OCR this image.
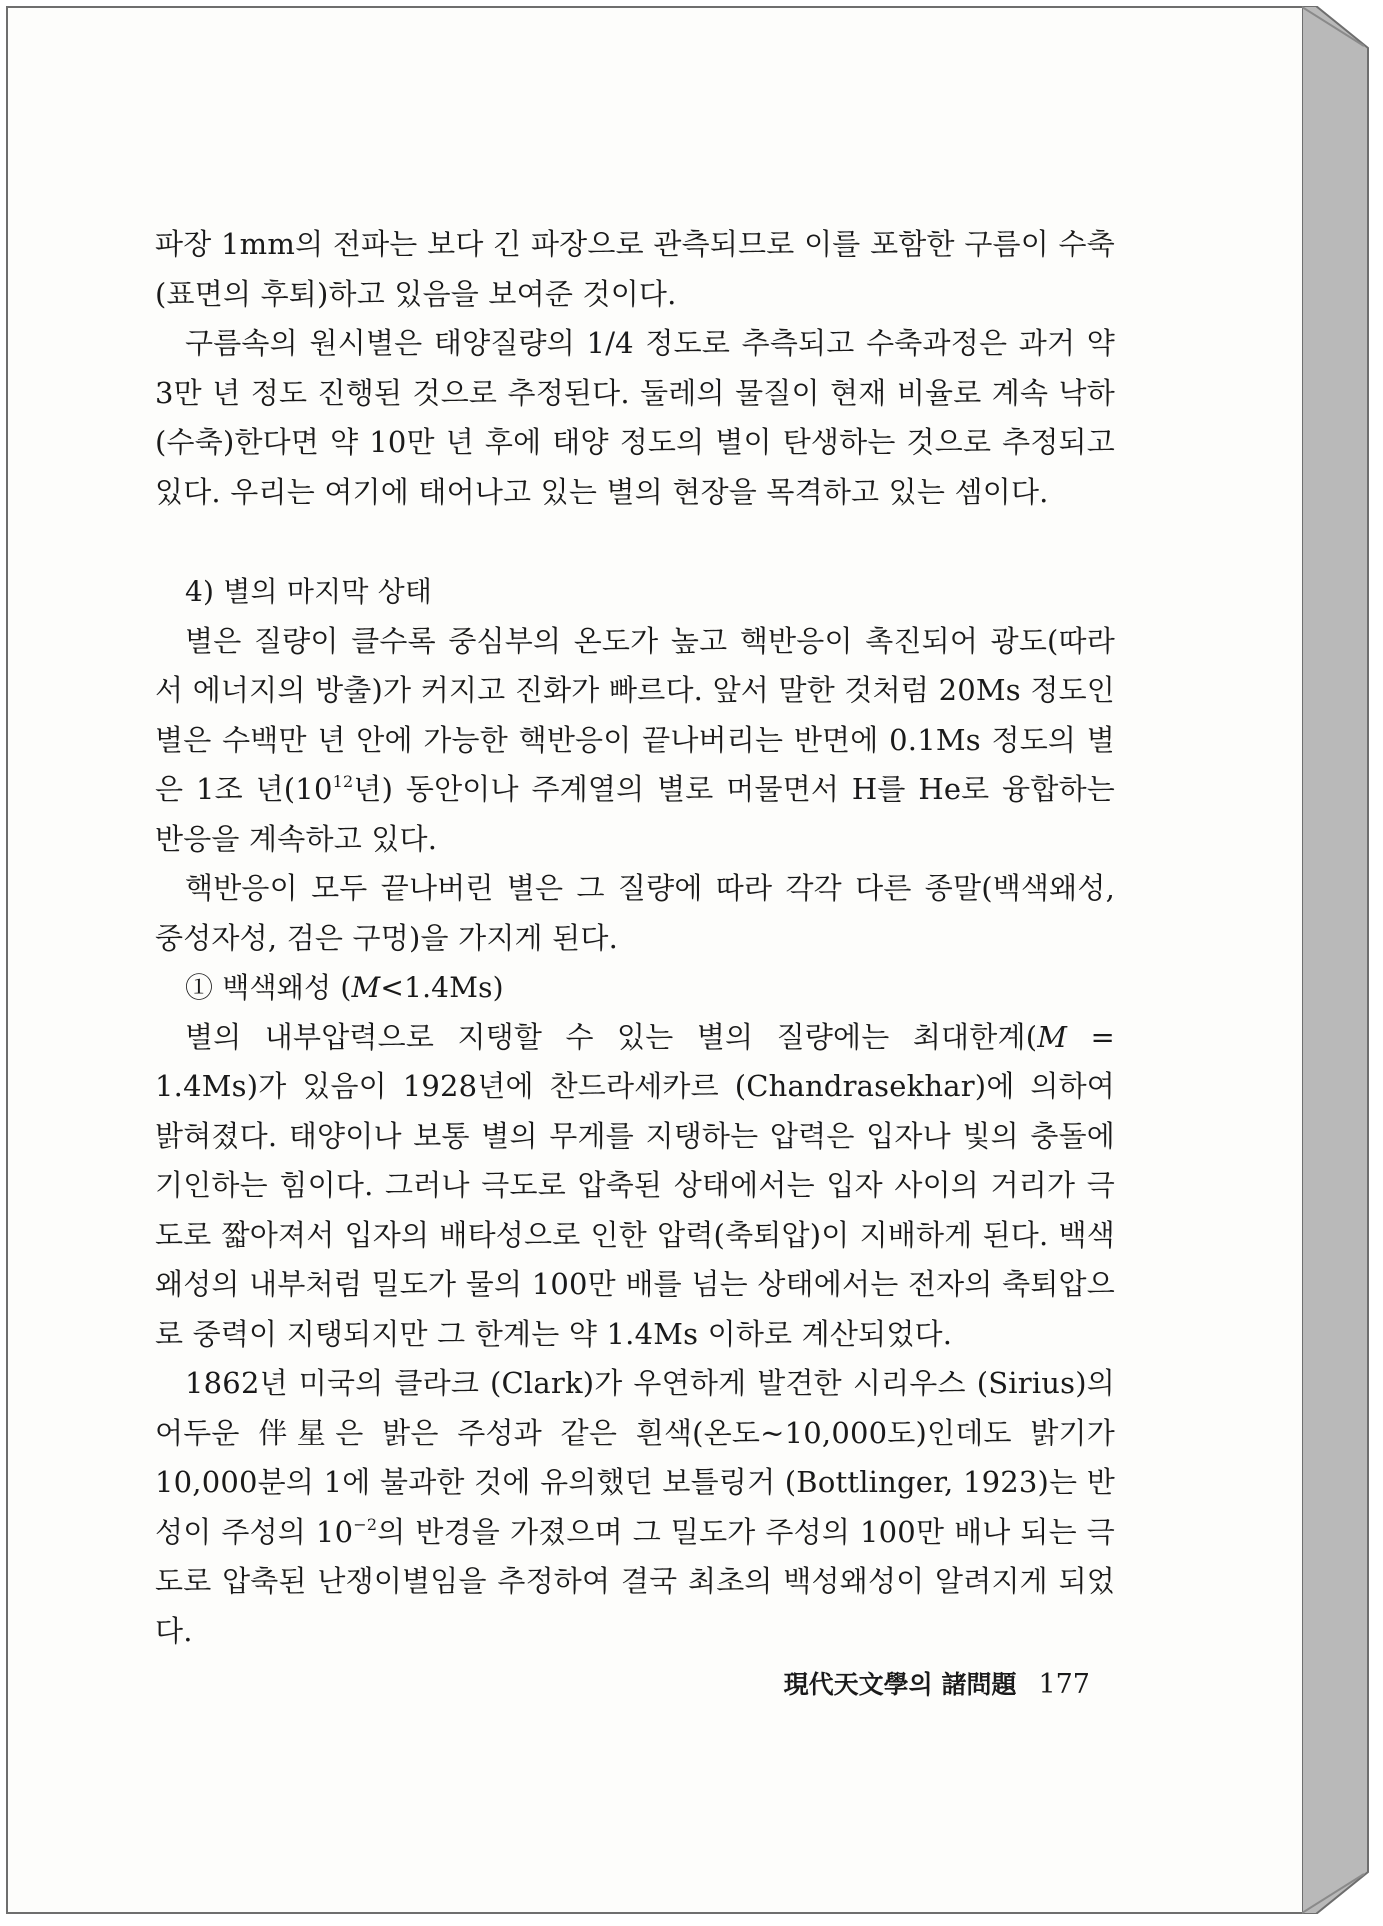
파장 1mm의 전파는 보다 긴 파장으로 관측되므로 이를 포함한 구름이 수축(표면의 후퇴)하고 있음을 보여준 것이다.

구름속의 원시별은 태양질량의 1/4 정도로 추측되고 수축과정은 과거 약 3만 년 정도 진행된 것으로 추정된다. 둘레의 물질이 현재 비율로 계속 낙하(수축)한다면 약 10만 년 후에 태양 정도의 별이 탄생하는 것으로 추정되고 있다. 우리는 여기에 태어나고 있는 별의 현장을 목격하고 있는 셈이다.

4) 별의 마지막 상태

별은 질량이 클수록 중심부의 온도가 높고 핵반응이 촉진되어 광도(따라서 에너지의 방출)가 커지고 진화가 빠르다. 앞서 말한 것처럼 20Ms 정도인 별은 수백만 년 안에 가능한 핵반응이 끝나버리는 반면에 0.1Ms 정도의 별은 1조 년($10^{12}$년) 동안이나 주계열의 별로 머물면서 H를 He로 융합하는 반응을 계속하고 있다.

핵반응이 모두 끝나버린 별은 그 질량에 따라 각각 다른 종말(백색왜성, 중성자성, 검은 구멍)을 가지게 된다.

① 백색왜성 (M<1.4Ms)

별의 내부압력으로 지탱할 수 있는 별의 질량에는 최대한계(M = 1.4Ms)가 있음이 1928년에 찬드라세카르 (Chandrasekhar)에 의하여 밝혀졌다. 태양이나 보통 별의 무게를 지탱하는 압력은 입자나 빛의 충돌에 기인하는 힘이다. 그러나 극도로 압축된 상태에서는 입자 사이의 거리가 극도로 짧아져서 입자의 배타성으로 인한 압력(축퇴압)이 지배하게 된다. 백색왜성의 내부처럼 밀도가 물의 100만 배를 넘는 상태에서는 전자의 축퇴압으로 중력이 지탱되지만 그 한계는 약 1.4Ms 이하로 계산되었다.

1862년 미국의 클라크 (Clark)가 우연하게 발견한 시리우스 (Sirius)의 어두운 伴星은 밝은 주성과 같은 흰색(온도~10,000도)인데도 밝기가 10,000분의 1에 불과한 것에 유의했던 보틀링거 (Bottlinger, 1923)는 반성이 주성의 $10^{-2}$의 반경을 가졌으며 그 밀도가 주성의 100만 배나 되는 극도로 압축된 난쟁이별임을 추정하여 결국 최초의 백성왜성이 알려지게 되었다.

現代天文學의 諸問題 177
